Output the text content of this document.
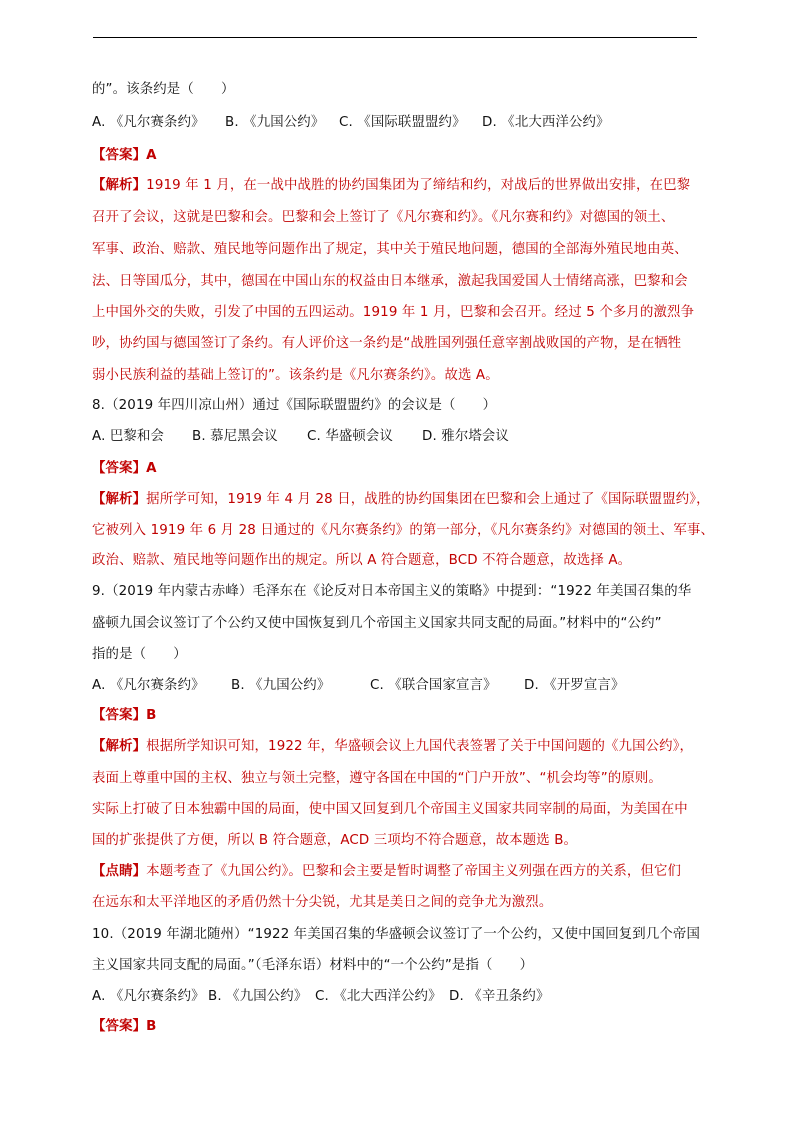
的”。该条约是（　　）
A. 《凡尔赛条约》 B. 《九国公约》 C. 《国际联盟盟约》 D. 《北大西洋公约》
【答案】A
【解析】1919 年 1 月，在一战中战胜的协约国集团为了缔结和约，对战后的世界做出安排，在巴黎
召开了会议，这就是巴黎和会。巴黎和会上签订了《凡尔赛和约》。《凡尔赛和约》对德国的领土、
军事、政治、赔款、殖民地等问题作出了规定，其中关于殖民地问题，德国的全部海外殖民地由英、
法、日等国瓜分，其中，德国在中国山东的权益由日本继承，激起我国爱国人士情绪高涨，巴黎和会
上中国外交的失败，引发了中国的五四运动。1919 年 1 月，巴黎和会召开。经过 5 个多月的激烈争
吵，协约国与德国签订了条约。有人评价这一条约是“战胜国列强任意宰割战败国的产物，是在牺牲
弱小民族利益的基础上签订的”。该条约是《凡尔赛条约》。故选 A。
8.（2019 年四川凉山州）通过《国际联盟盟约》的会议是（　　）
A. 巴黎和会 B. 慕尼黑会议 C. 华盛顿会议 D. 雅尔塔会议
【答案】A
【解析】据所学可知，1919 年 4 月 28 日，战胜的协约国集团在巴黎和会上通过了《国际联盟盟约》，
它被列入 1919 年 6 月 28 日通过的《凡尔赛条约》的第一部分，《凡尔赛条约》对德国的领土、军事、
政治、赔款、殖民地等问题作出的规定。所以 A 符合题意，BCD 不符合题意，故选择 A。
9.（2019 年内蒙古赤峰）毛泽东在《论反对日本帝国主义的策略》中提到：“1922 年美国召集的华
盛顿九国会议签订了个公约又使中国恢复到几个帝国主义国家共同支配的局面。”材料中的“公约”
指的是（　　）
A. 《凡尔赛条约》 B. 《九国公约》	C. 《联合国家宣言》 D. 《开罗宣言》
【答案】B
【解析】根据所学知识可知，1922 年，华盛顿会议上九国代表签署了关于中国问题的《九国公约》，
表面上尊重中国的主权、独立与领土完整，遵守各国在中国的“门户开放”、“机会均等”的原则。
实际上打破了日本独霸中国的局面，使中国又回复到几个帝国主义国家共同宰制的局面，为美国在中
国的扩张提供了方便，所以 B 符合题意，ACD 三项均不符合题意，故本题选 B。
【点睛】本题考查了《九国公约》。巴黎和会主要是暂时调整了帝国主义列强在西方的关系，但它们
在远东和太平洋地区的矛盾仍然十分尖锐，尤其是美日之间的竞争尤为激烈。
10.（2019 年湖北随州）“1922 年美国召集的华盛顿会议签订了一个公约，又使中国回复到几个帝国
主义国家共同支配的局面。”（毛泽东语）材料中的“一个公约”是指（　　）
A. 《凡尔赛条约》 B. 《九国公约》 C. 《北大西洋公约》 D. 《辛丑条约》
【答案】B
